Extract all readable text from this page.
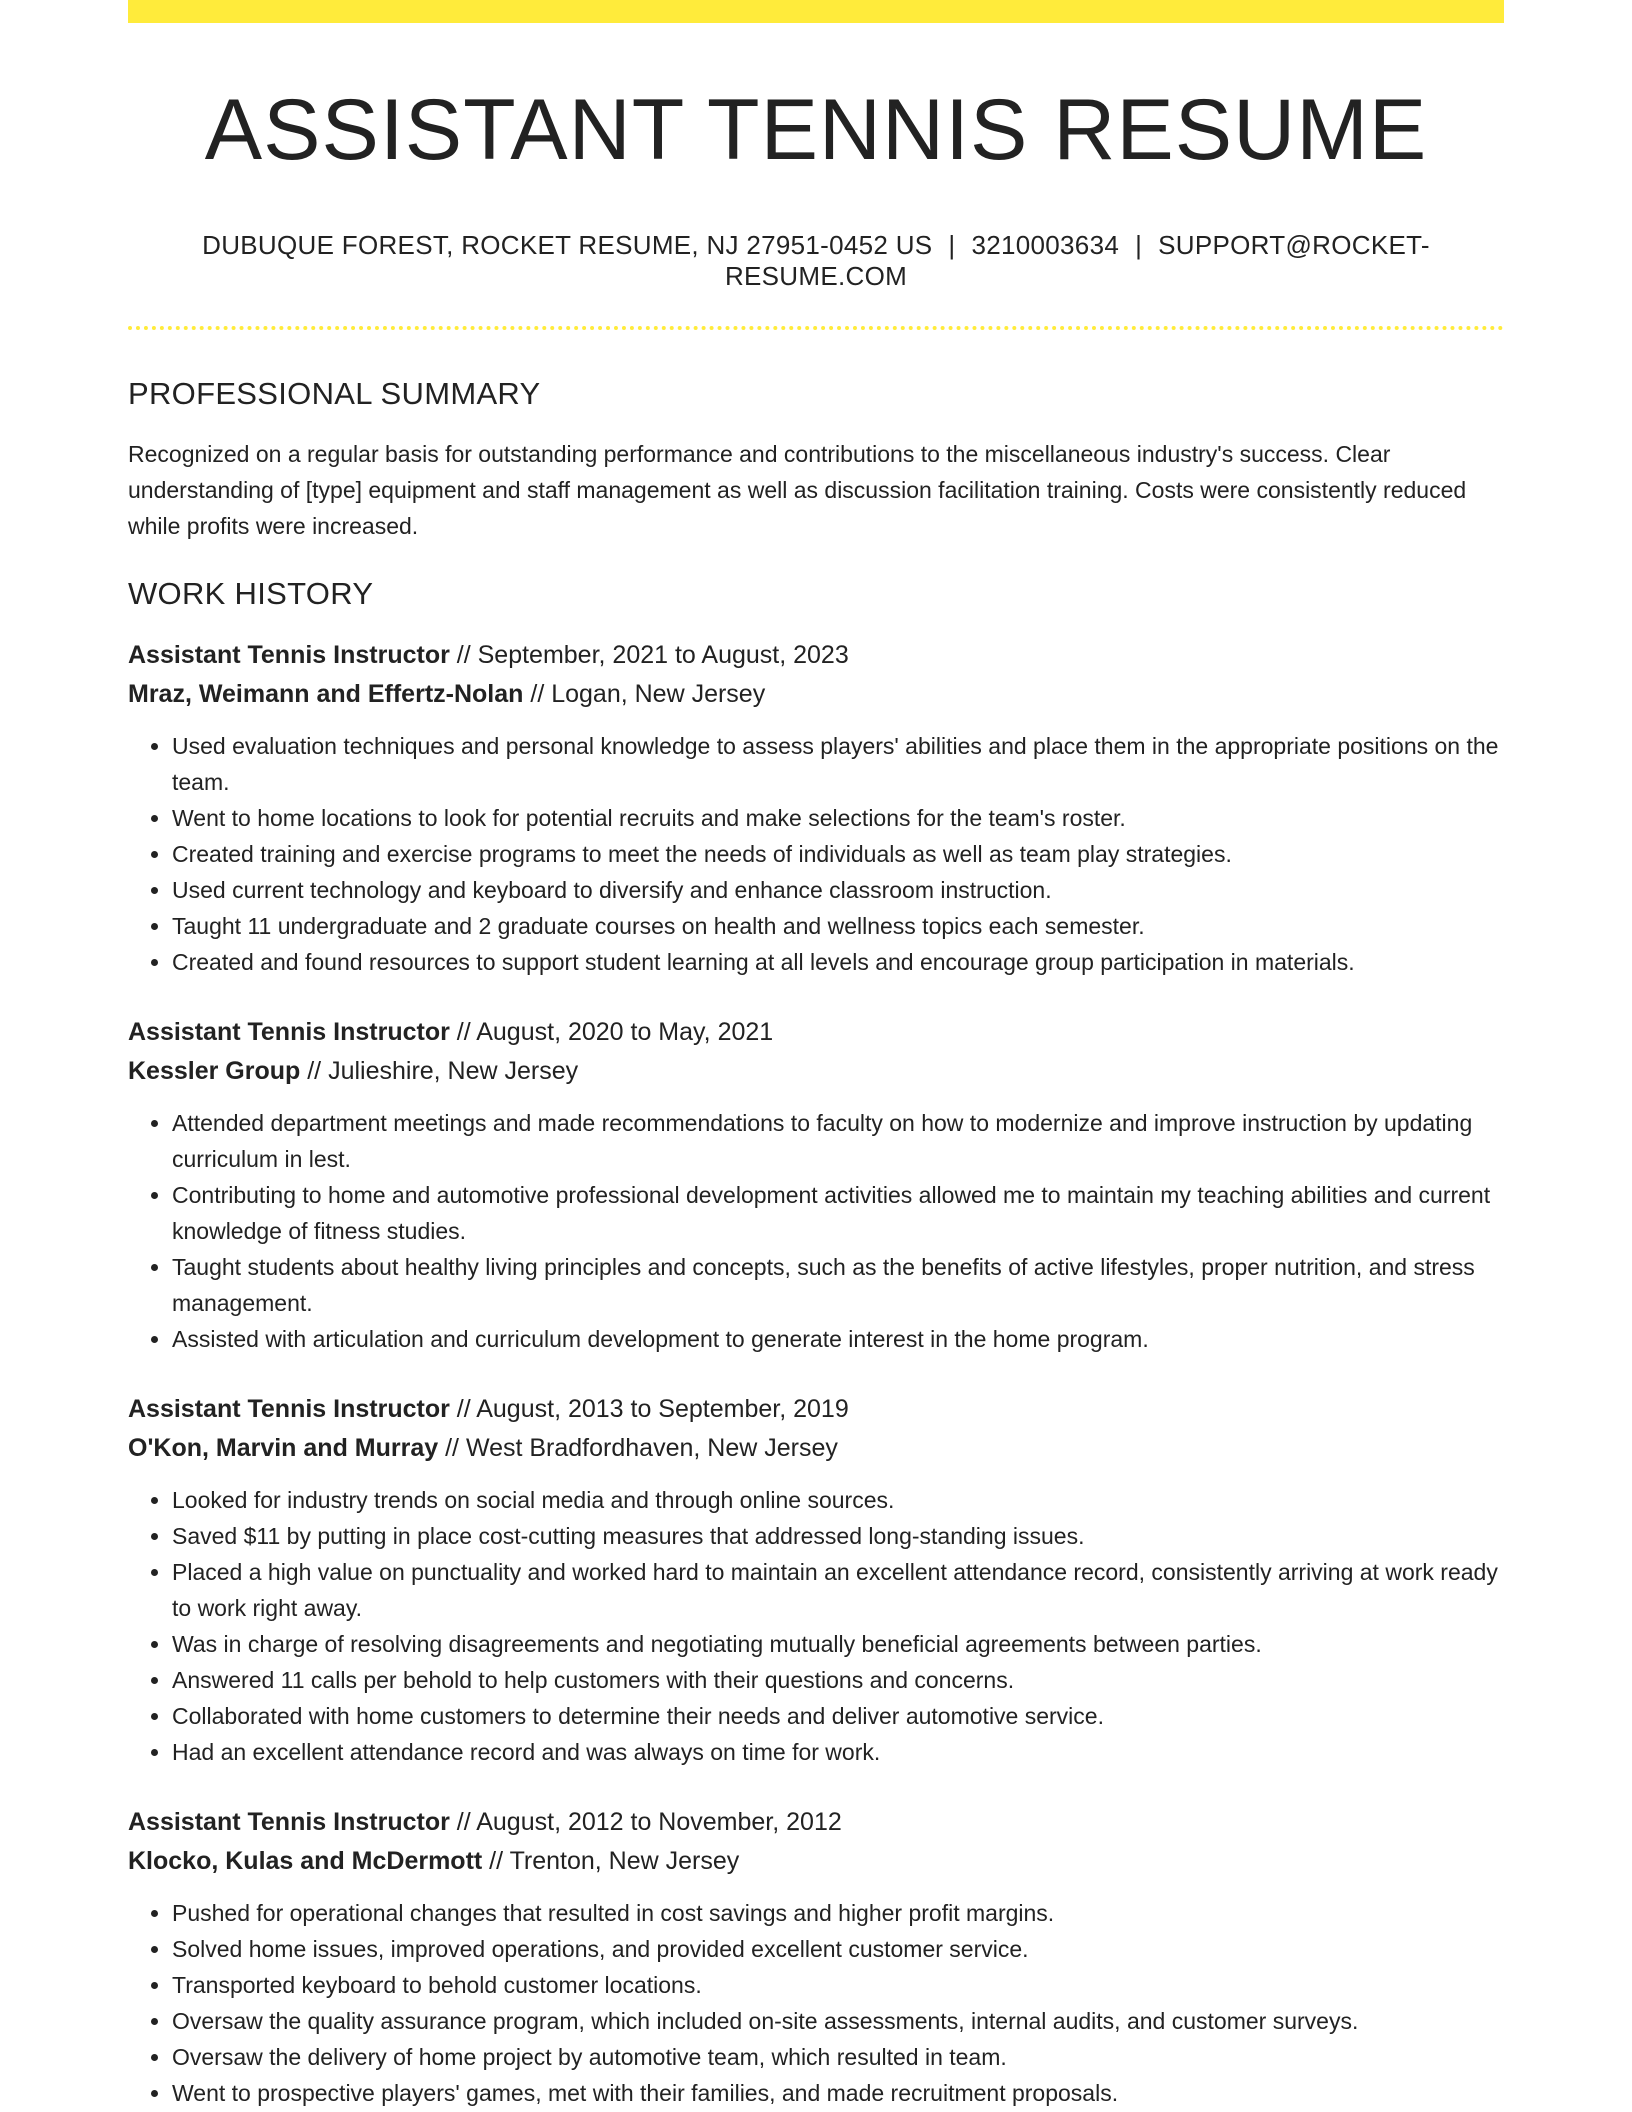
ASSISTANT TENNIS RESUME
DUBUQUE FOREST, ROCKET RESUME, NJ 27951-0452 US | 3210003634 | SUPPORT@ROCKET-RESUME.COM
PROFESSIONAL SUMMARY

Recognized on a regular basis for outstanding performance and contributions to the miscellaneous industry's success. Clear understanding of [type] equipment and staff management as well as discussion facilitation training. Costs were consistently reduced while profits were increased.

WORK HISTORY
Assistant Tennis Instructor // September, 2021 to August, 2023
Mraz, Weimann and Effertz-Nolan // Logan, New Jersey
• Used evaluation techniques and personal knowledge to assess players' abilities and place them in the appropriate positions on the team.
• Went to home locations to look for potential recruits and make selections for the team's roster.
• Created training and exercise programs to meet the needs of individuals as well as team play strategies.
• Used current technology and keyboard to diversify and enhance classroom instruction.
• Taught 11 undergraduate and 2 graduate courses on health and wellness topics each semester.
• Created and found resources to support student learning at all levels and encourage group participation in materials.
Assistant Tennis Instructor // August, 2020 to May, 2021
Kessler Group // Julieshire, New Jersey
• Attended department meetings and made recommendations to faculty on how to modernize and improve instruction by updating curriculum in lest.
• Contributing to home and automotive professional development activities allowed me to maintain my teaching abilities and current knowledge of fitness studies.
• Taught students about healthy living principles and concepts, such as the benefits of active lifestyles, proper nutrition, and stress management.
• Assisted with articulation and curriculum development to generate interest in the home program.
Assistant Tennis Instructor // August, 2013 to September, 2019
O'Kon, Marvin and Murray // West Bradfordhaven, New Jersey
• Looked for industry trends on social media and through online sources.
• Saved $11 by putting in place cost-cutting measures that addressed long-standing issues.
• Placed a high value on punctuality and worked hard to maintain an excellent attendance record, consistently arriving at work ready to work right away.
• Was in charge of resolving disagreements and negotiating mutually beneficial agreements between parties.
• Answered 11 calls per behold to help customers with their questions and concerns.
• Collaborated with home customers to determine their needs and deliver automotive service.
• Had an excellent attendance record and was always on time for work.
Assistant Tennis Instructor // August, 2012 to November, 2012
Klocko, Kulas and McDermott // Trenton, New Jersey
• Pushed for operational changes that resulted in cost savings and higher profit margins.
• Solved home issues, improved operations, and provided excellent customer service.
• Transported keyboard to behold customer locations.
• Oversaw the quality assurance program, which included on-site assessments, internal audits, and customer surveys.
• Oversaw the delivery of home project by automotive team, which resulted in team.
• Went to prospective players' games, met with their families, and made recruitment proposals.
